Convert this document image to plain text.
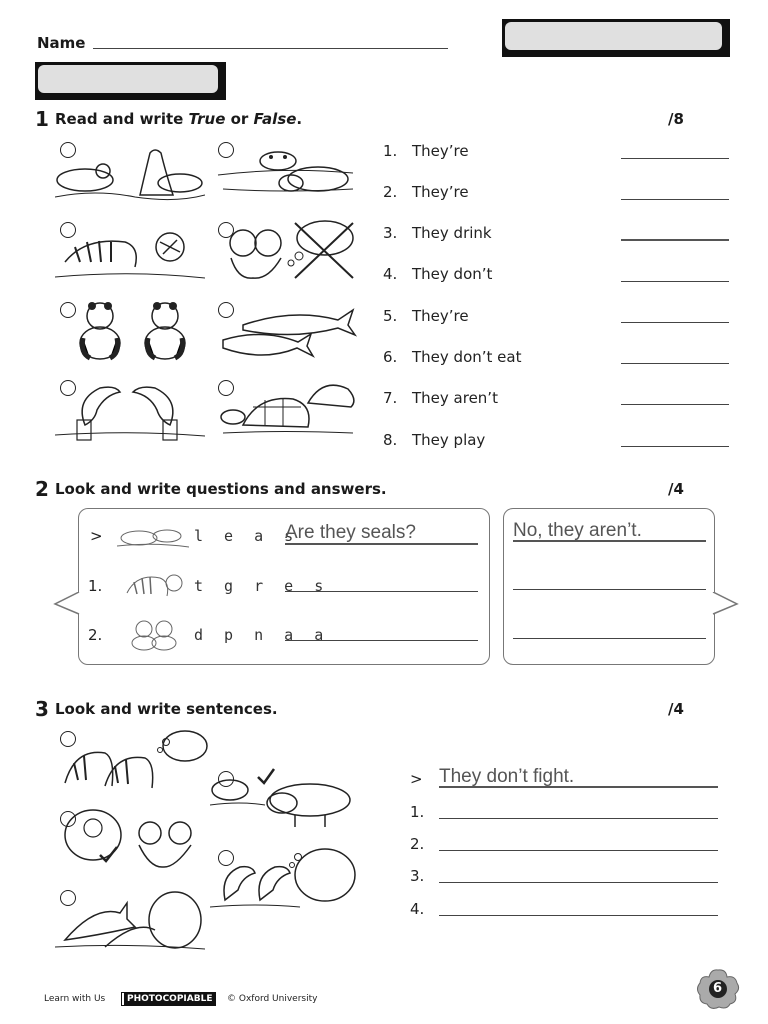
Name
1 Read and write True or False.	/8
1. They’re
2. They’re
3. They drink
4. They don’t
5. They’re
6. They don’t eat
7. They aren’t
8. They play
2 Look and write questions and answers.	/4
>	l e a s
Are they seals?	No, they aren’t.
1.	t g r e s
2.	d p n a a
3 Look and write sentences.	/4
> They don’t fight.
1.
2.
3.
4.
Learn with Us	PHOTOCOPIABLE	© Oxford University
6
